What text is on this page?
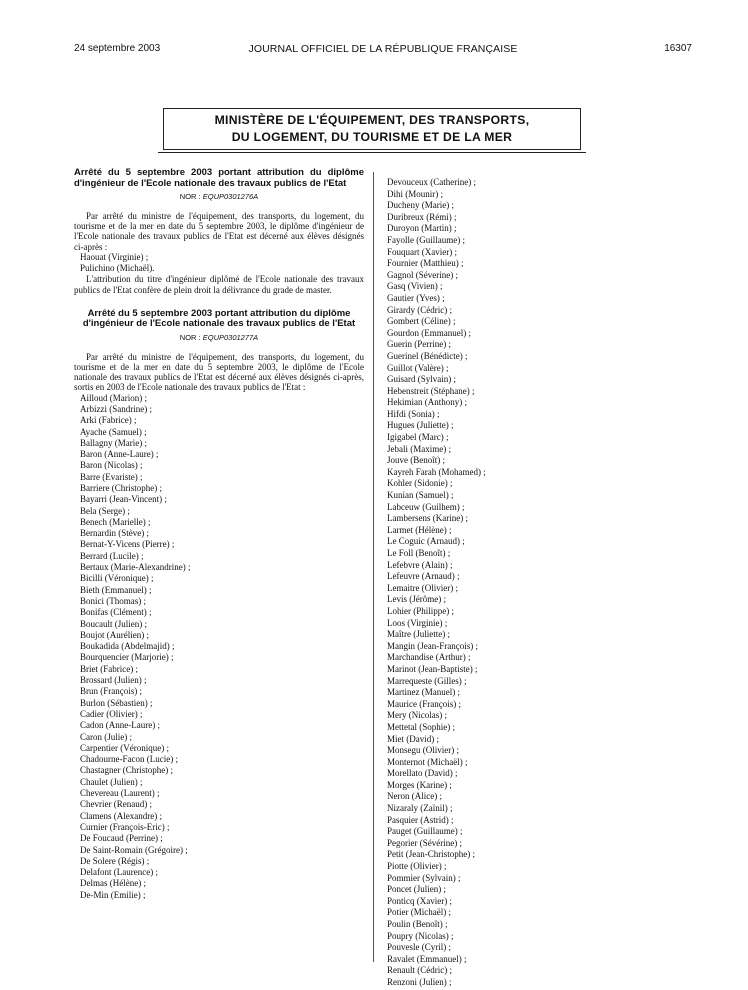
24 septembre 2003	JOURNAL OFFICIEL DE LA RÉPUBLIQUE FRANÇAISE	16307
MINISTÈRE DE L'ÉQUIPEMENT, DES TRANSPORTS,
DU LOGEMENT, DU TOURISME ET DE LA MER

Arrêté du 5 septembre 2003 portant attribution du diplôme d'ingénieur de l'Ecole nationale des travaux publics de l'Etat

NOR : EQUP0301276A

Par arrêté du ministre de l'équipement, des transports, du logement, du tourisme et de la mer en date du 5 septembre 2003, le diplôme d'ingénieur de l'Ecole nationale des travaux publics de l'Etat est décerné aux élèves désignés ci-après :

Haouat (Virginie) ;

Pulichino (Michaël).

L'attribution du titre d'ingénieur diplômé de l'Ecole nationale des travaux publics de l'Etat confère de plein droit la délivrance du grade de master.

Arrêté du 5 septembre 2003 portant attribution du diplôme d'ingénieur de l'Ecole nationale des travaux publics de l'Etat

NOR : EQUP0301277A

Par arrêté du ministre de l'équipement, des transports, du logement, du tourisme et de la mer en date du 5 septembre 2003, le diplôme de l'Ecole nationale des travaux publics de l'Etat est décerné aux élèves désignés ci-après, sortis en 2003 de l'Ecole nationale des travaux publics de l'Etat :

Ailloud (Marion) ;

Arbizzi (Sandrine) ;

Arki (Fabrice) ;

Ayache (Samuel) ;

Ballagny (Marie) ;

Baron (Anne-Laure) ;

Baron (Nicolas) ;

Barre (Evariste) ;

Barriere (Christophe) ;

Bayarri (Jean-Vincent) ;

Bela (Serge) ;

Benech (Marielle) ;

Bernardin (Stève) ;

Bernat-Y-Vicens (Pierre) ;

Berrard (Lucile) ;

Bertaux (Marie-Alexandrine) ;

Bicilli (Véronique) ;

Bieth (Emmanuel) ;

Bonici (Thomas) ;

Bonifas (Clément) ;

Boucault (Julien) ;

Boujot (Aurélien) ;

Boukadida (Abdelmajid) ;

Bourquencier (Marjorie) ;

Briet (Fabrice) ;

Brossard (Julien) ;

Brun (François) ;

Burlon (Sébastien) ;

Cadier (Olivier) ;

Cadon (Anne-Laure) ;

Caron (Julie) ;

Carpentier (Véronique) ;

Chadourne-Facon (Lucie) ;

Chastagner (Christophe) ;

Chaulet (Julien) ;

Chevereau (Laurent) ;

Chevrier (Renaud) ;

Clamens (Alexandre) ;

Curnier (François-Eric) ;

De Foucaud (Perrine) ;

De Saint-Romain (Grégoire) ;

De Solere (Régis) ;

Delafont (Laurence) ;

Delmas (Hélène) ;

De-Min (Emilie) ;

Devouceux (Catherine) ;

Dihi (Mounir) ;

Ducheny (Marie) ;

Duribreux (Rémi) ;

Duroyon (Martin) ;

Fayolle (Guillaume) ;

Fouquart (Xavier) ;

Fournier (Matthieu) ;

Gagnol (Séverine) ;

Gasq (Vivien) ;

Gautier (Yves) ;

Girardy (Cédric) ;

Gombert (Céline) ;

Gourdon (Emmanuel) ;

Guerin (Perrine) ;

Guerinel (Bénédicte) ;

Guillot (Valère) ;

Guisard (Sylvain) ;

Hebenstreit (Stéphane) ;

Hekimian (Anthony) ;

Hifdi (Sonia) ;

Hugues (Juliette) ;

Igigabel (Marc) ;

Jebali (Maxime) ;

Jouve (Benoît) ;

Kayreh Farah (Mohamed) ;

Kohler (Sidonie) ;

Kunian (Samuel) ;

Labceuw (Guilhem) ;

Lambersens (Karine) ;

Larmet (Hélène) ;

Le Coguic (Arnaud) ;

Le Foll (Benoît) ;

Lefebvre (Alain) ;

Lefeuvre (Arnaud) ;

Lemaitre (Olivier) ;

Levis (Jérôme) ;

Lohier (Philippe) ;

Loos (Virginie) ;

Maître (Juliette) ;

Mangin (Jean-François) ;

Marchandise (Arthur) ;

Marinot (Jean-Baptiste) ;

Marrequeste (Gilles) ;

Martinez (Manuel) ;

Maurice (François) ;

Mery (Nicolas) ;

Mettetal (Sophie) ;

Miet (David) ;

Monsegu (Olivier) ;

Monternot (Michaël) ;

Morellato (David) ;

Morges (Karine) ;

Neron (Alice) ;

Nizaraly (Zaïnil) ;

Pasquier (Astrid) ;

Pauget (Guillaume) ;

Pegorier (Sévérine) ;

Petit (Jean-Christophe) ;

Piotte (Olivier) ;

Pommier (Sylvain) ;

Poncet (Julien) ;

Ponticq (Xavier) ;

Potier (Michaël) ;

Poulin (Benoît) ;

Poupry (Nicolas) ;

Pouvesle (Cyril) ;

Ravalet (Emmanuel) ;

Renault (Cédric) ;

Renzoni (Julien) ;
